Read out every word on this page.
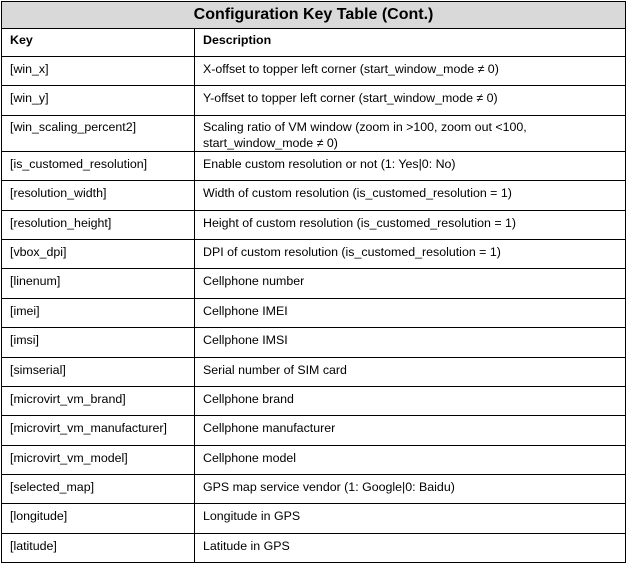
Configuration Key Table (Cont.)	
Key	Description
[win_x]	X-offset to topper left corner (start_window_mode ≠ 0)
[win_y]	Y-offset to topper left corner (start_window_mode ≠ 0)
[win_scaling_percent2]	Scaling ratio of VM window (zoom in >100, zoom out <100, start_window_mode ≠ 0)
[is_customed_resolution]	Enable custom resolution or not (1: Yes|0: No)
[resolution_width]	Width of custom resolution (is_customed_resolution = 1)
[resolution_height]	Height of custom resolution (is_customed_resolution = 1)
[vbox_dpi]	DPI of custom resolution (is_customed_resolution = 1)
[linenum]	Cellphone number
[imei]	Cellphone IMEI
[imsi]	Cellphone IMSI
[simserial]	Serial number of SIM card
[microvirt_vm_brand]	Cellphone brand
[microvirt_vm_manufacturer]	Cellphone manufacturer
[microvirt_vm_model]	Cellphone model
[selected_map]	GPS map service vendor (1: Google|0: Baidu)
[longitude]	Longitude in GPS
[latitude]	Latitude in GPS
